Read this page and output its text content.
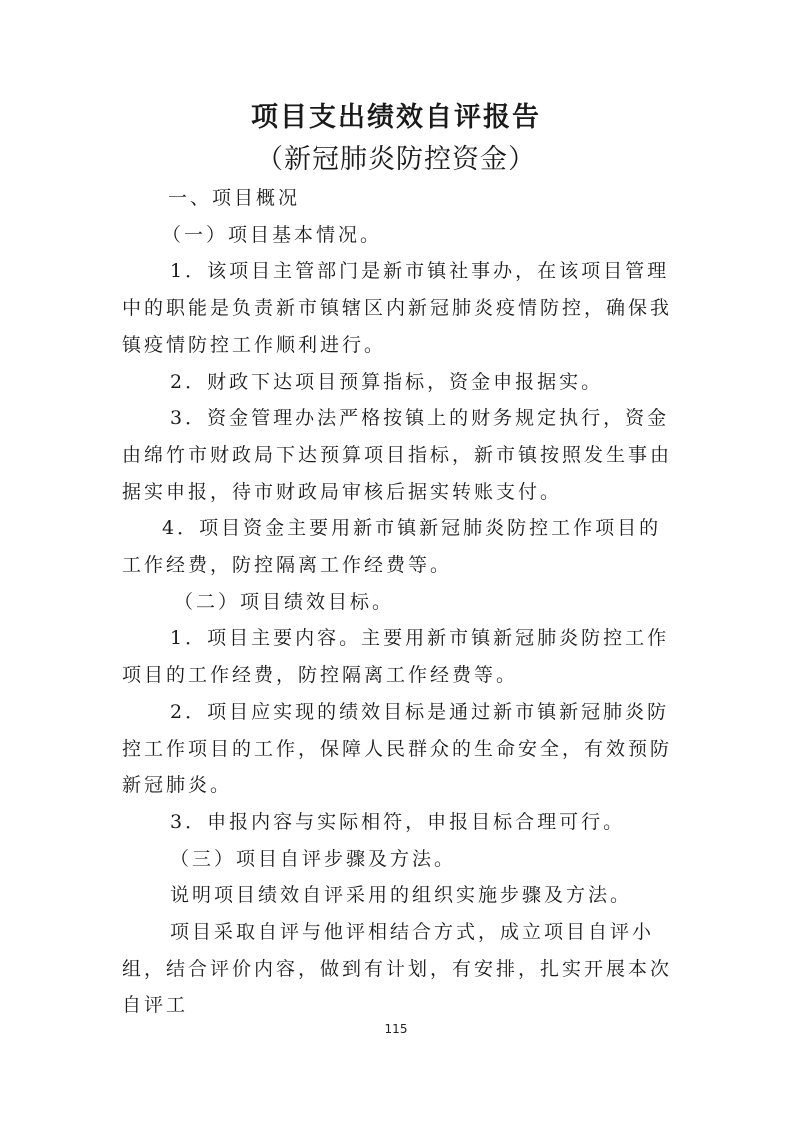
项目支出绩效自评报告
（新冠肺炎防控资金）

一、项目概况

（一）项目基本情况。

1．该项目主管部门是新市镇社事办，在该项目管理中的职能是负责新市镇辖区内新冠肺炎疫情防控，确保我镇疫情防控工作顺利进行。

2．财政下达项目预算指标，资金申报据实。

3．资金管理办法严格按镇上的财务规定执行，资金由绵竹市财政局下达预算项目指标，新市镇按照发生事由据实申报，待市财政局审核后据实转账支付。

4．项目资金主要用新市镇新冠肺炎防控工作项目的工作经费，防控隔离工作经费等。

（二）项目绩效目标。

1．项目主要内容。主要用新市镇新冠肺炎防控工作项目的工作经费，防控隔离工作经费等。

2．项目应实现的绩效目标是通过新市镇新冠肺炎防控工作项目的工作，保障人民群众的生命安全，有效预防新冠肺炎。

3．申报内容与实际相符，申报目标合理可行。

（三）项目自评步骤及方法。

说明项目绩效自评采用的组织实施步骤及方法。

项目采取自评与他评相结合方式，成立项目自评小组，结合评价内容，做到有计划，有安排，扎实开展本次自评工

115
